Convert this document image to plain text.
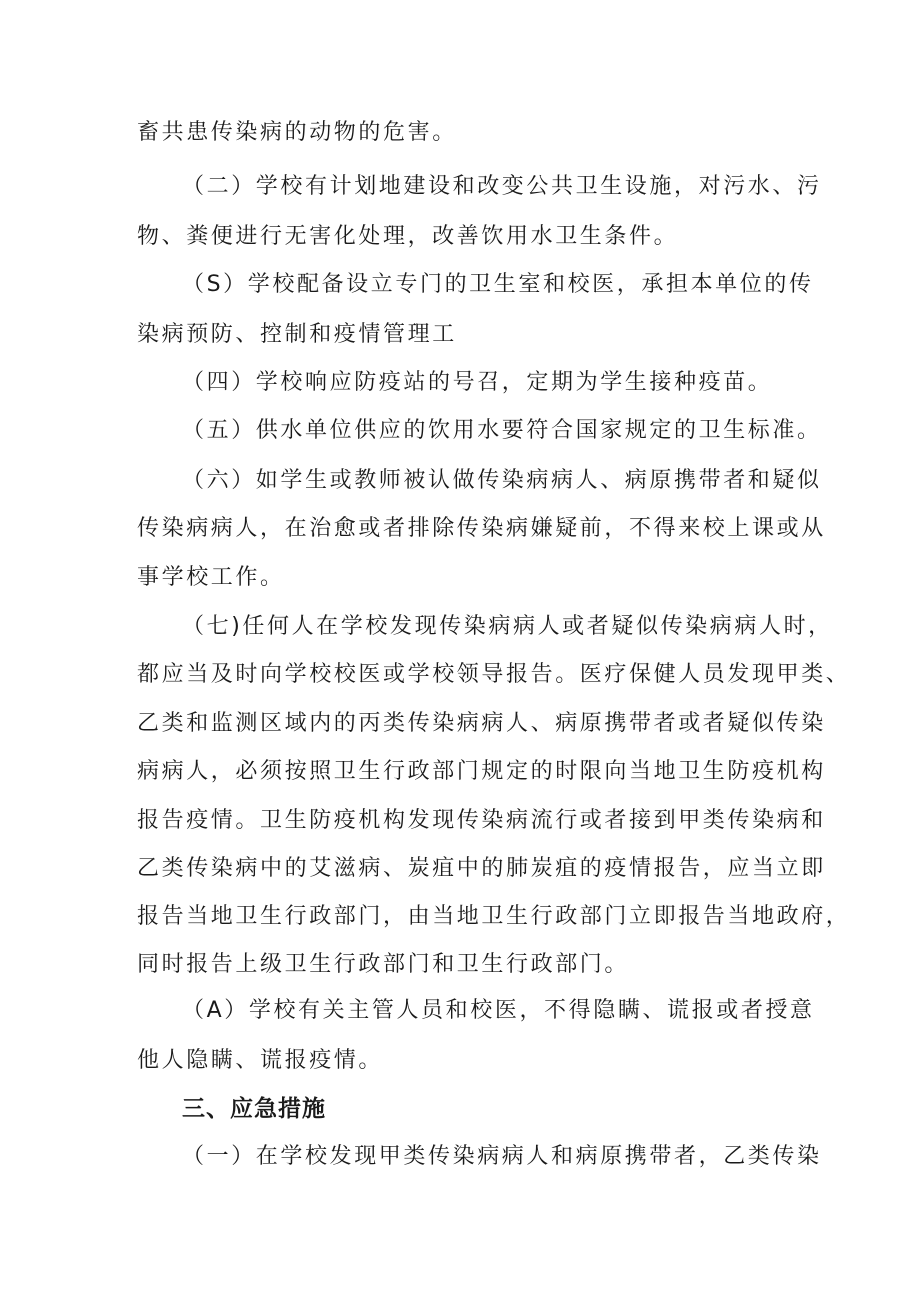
畜共患传染病的动物的危害。

（二）学校有计划地建设和改变公共卫生设施，对污水、污

物、粪便进行无害化处理，改善饮用水卫生条件。

（S）学校配备设立专门的卫生室和校医，承担本单位的传

染病预防、控制和疫情管理工

（四）学校响应防疫站的号召，定期为学生接种疫苗。

（五）供水单位供应的饮用水要符合国家规定的卫生标准。

（六）如学生或教师被认做传染病病人、病原携带者和疑似

传染病病人，在治愈或者排除传染病嫌疑前，不得来校上课或从

事学校工作。

（七)任何人在学校发现传染病病人或者疑似传染病病人时，

都应当及时向学校校医或学校领导报告。医疗保健人员发现甲类、

乙类和监测区域内的丙类传染病病人、病原携带者或者疑似传染

病病人，必须按照卫生行政部门规定的时限向当地卫生防疫机构

报告疫情。卫生防疫机构发现传染病流行或者接到甲类传染病和

乙类传染病中的艾滋病、炭疽中的肺炭疽的疫情报告，应当立即

报告当地卫生行政部门，由当地卫生行政部门立即报告当地政府，

同时报告上级卫生行政部门和卫生行政部门。

（A）学校有关主管人员和校医，不得隐瞒、谎报或者授意

他人隐瞒、谎报疫情。

三、应急措施

（一）在学校发现甲类传染病病人和病原携带者，乙类传染
